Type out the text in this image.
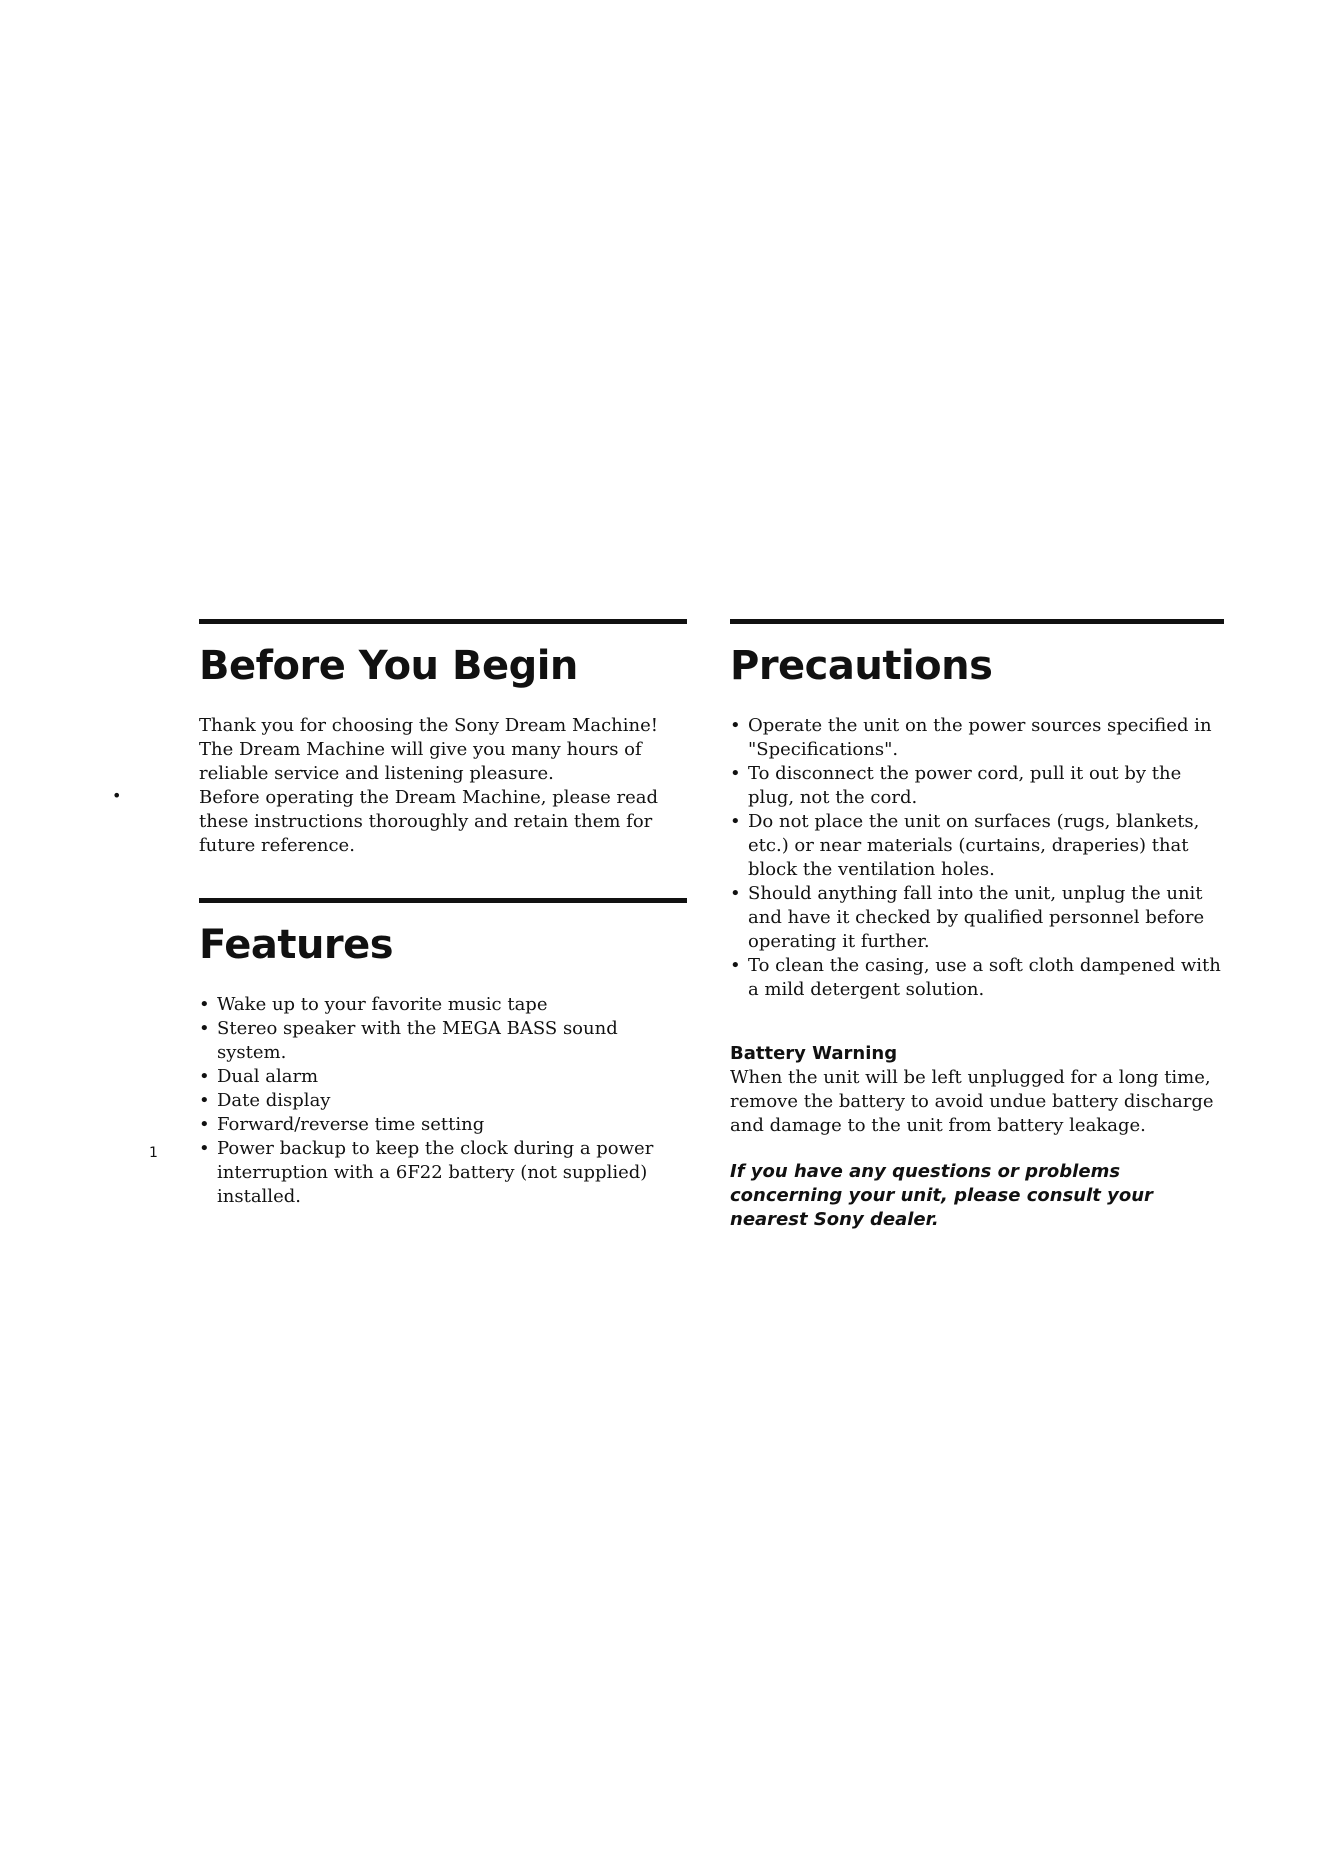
Before You Begin

Thank you for choosing the Sony Dream Machine! The Dream Machine will give you many hours of reliable service and listening pleasure.

Before operating the Dream Machine, please read these instructions thoroughly and retain them for future reference.

Features
• Wake up to your favorite music tape
• Stereo speaker with the MEGA BASS sound system.
• Dual alarm
• Date display
• Forward/reverse time setting
• Power backup to keep the clock during a power interruption with a 6F22 battery (not supplied) installed.
Precautions
• Operate the unit on the power sources specified in "Specifications".
• To disconnect the power cord, pull it out by the plug, not the cord.
• Do not place the unit on surfaces (rugs, blankets, etc.) or near materials (curtains, draperies) that block the ventilation holes.
• Should anything fall into the unit, unplug the unit and have it checked by qualified personnel before operating it further.
• To clean the casing, use a soft cloth dampened with a mild detergent solution.

Battery Warning

When the unit will be left unplugged for a long time, remove the battery to avoid undue battery discharge and damage to the unit from battery leakage.

If you have any questions or problems concerning your unit, please consult your nearest Sony dealer.

•
1
